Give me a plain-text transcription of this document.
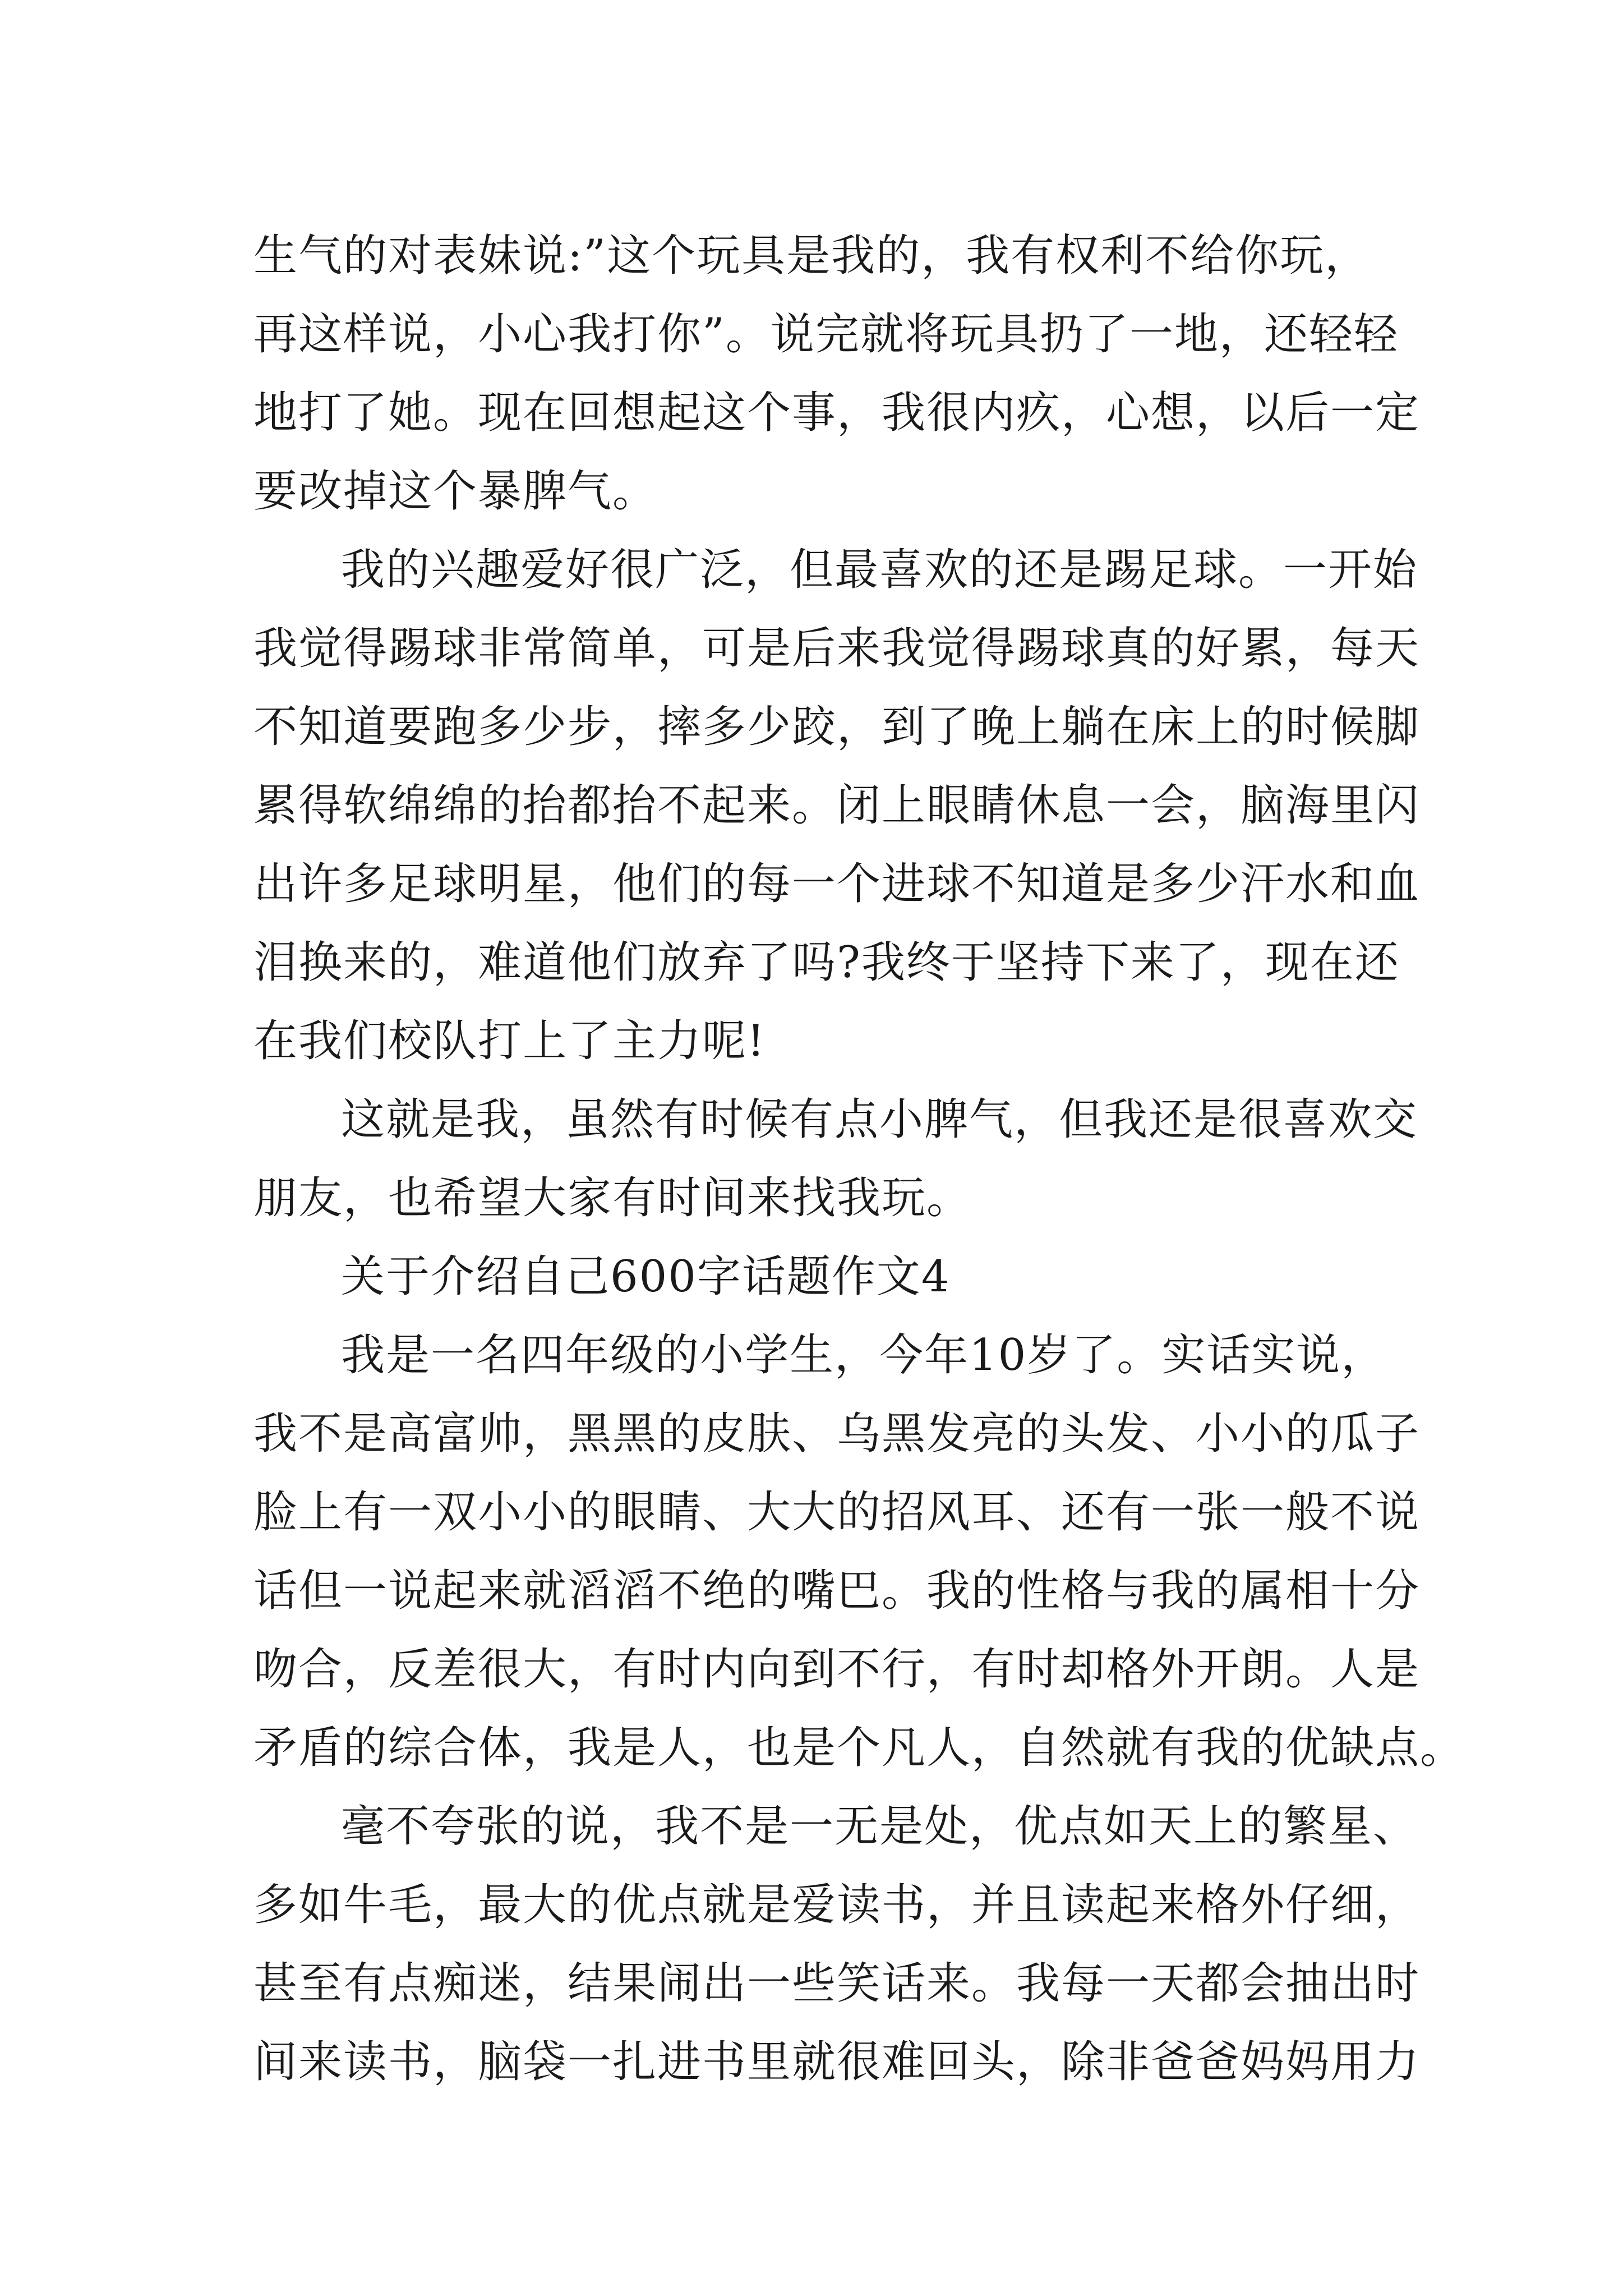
生气的对表妹说:”这个玩具是我的，我有权利不给你玩，
再这样说，小心我打你”。说完就将玩具扔了一地，还轻轻
地打了她。现在回想起这个事，我很内疚，心想，以后一定
要改掉这个暴脾气。
我的兴趣爱好很广泛，但最喜欢的还是踢足球。一开始
我觉得踢球非常简单，可是后来我觉得踢球真的好累，每天
不知道要跑多少步，摔多少跤，到了晚上躺在床上的时候脚
累得软绵绵的抬都抬不起来。闭上眼睛休息一会，脑海里闪
出许多足球明星，他们的每一个进球不知道是多少汗水和血
泪换来的，难道他们放弃了吗?我终于坚持下来了，现在还
在我们校队打上了主力呢!
这就是我，虽然有时候有点小脾气，但我还是很喜欢交
朋友，也希望大家有时间来找我玩。
关于介绍自己600字话题作文4
我是一名四年级的小学生，今年10岁了。实话实说，
我不是高富帅，黑黑的皮肤、乌黑发亮的头发、小小的瓜子
脸上有一双小小的眼睛、大大的招风耳、还有一张一般不说
话但一说起来就滔滔不绝的嘴巴。我的性格与我的属相十分
吻合，反差很大，有时内向到不行，有时却格外开朗。人是
矛盾的综合体，我是人，也是个凡人，自然就有我的优缺点。
毫不夸张的说，我不是一无是处，优点如天上的繁星、
多如牛毛，最大的优点就是爱读书，并且读起来格外仔细，
甚至有点痴迷，结果闹出一些笑话来。我每一天都会抽出时
间来读书，脑袋一扎进书里就很难回头，除非爸爸妈妈用力
